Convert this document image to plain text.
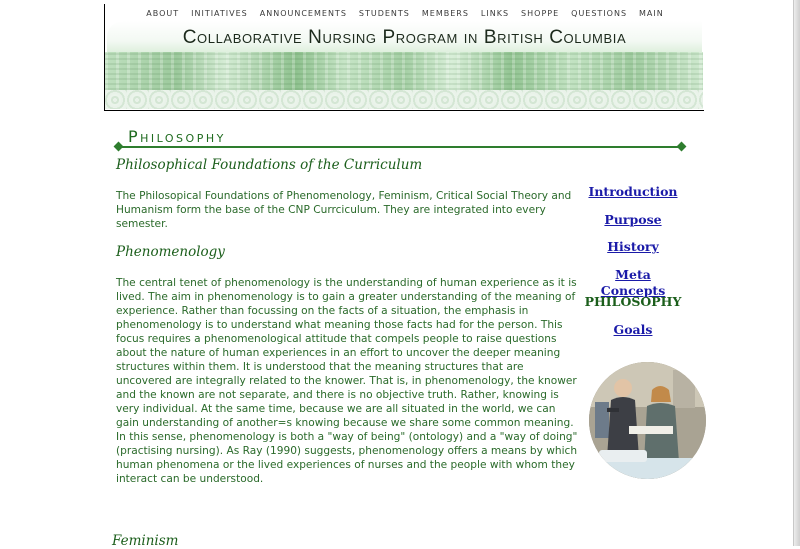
ABOUT INITIATIVES ANNOUNCEMENTS STUDENTS MEMBERS LINKS SHOPPE QUESTIONS MAIN
Collaborative Nursing Program in British Columbia
Philosophy
Philosophical Foundations of the Curriculum

The Philosopical Foundations of Phenomenology, Feminism, Critical Social Theory and Humanism form the base of the CNP Currciculum. They are integrated into every semester.

Phenomenology

The central tenet of phenomenology is the understanding of human experience as it is lived. The aim in phenomenology is to gain a greater understanding of the meaning of experience. Rather than focussing on the facts of a situation, the emphasis in phenomenology is to understand what meaning those facts had for the person. This focus requires a phenomenological attitude that compels people to raise questions about the nature of human experiences in an effort to uncover the deeper meaning structures within them. It is understood that the meaning structures that are uncovered are integrally related to the knower. That is, in phenomenology, the knower and the known are not separate, and there is no objective truth. Rather, knowing is very individual. At the same time, because we are all situated in the world, we can gain understanding of another=s knowing because we share some common meaning. In this sense, phenomenology is both a "way of being" (ontology) and a "way of doing" (practising nursing). As Ray (1990) suggests, phenomenology offers a means by which human phenomena or the lived experiences of nurses and the people with whom they interact can be understood.

Feminism
Introduction
Purpose
History
Meta Concepts
PHILOSOPHY
Goals
